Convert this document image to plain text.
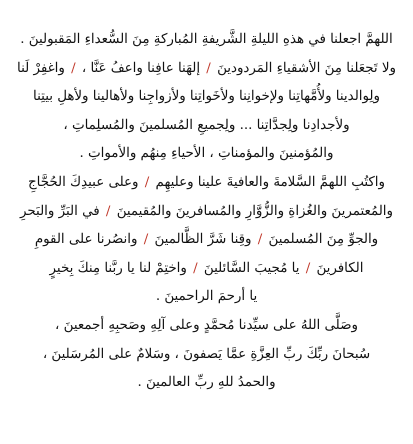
اللهمَّ اجعلنا في هذهِ الليلةِ الشَّريفةِ المُباركةِ مِنَ السُّعداءِ المَقبولينَ .
ولا تَجعَلنا مِنَ الأشقياءِ المَردودينَ / إلهَنا عافِنا واعفُ عَنَّا ، / واغفِرْ لَنا
ولِوالدينا ولأُمَّهاتِنا ولإخوانِنا ولأخَواتِنا ولأزواجِنا ولأهالينا ولأهلِ بيتِنا
ولأجدادِنا ولِجدَّاتِنا ... ولِجميعِ المُسلمينَ والمُسلِماتِ ،
والمُؤمنينَ والمؤمناتِ ، الأحياءِ مِنهُم والأمواتِ .
واكتُبِ اللهمَّ السَّلامةَ والعافيةَ علينا وعليهِم / وعلى عبيدِكَ الحُجَّاجِ
والمُعتمرينَ والغُزاةِ والزُّوَّارِ والمُسافرينَ والمُقيمينَ / في البَرِّ والبَحرِ
والجوِّ مِنَ المُسلمينَ / وقِنا شَرَّ الظَّالمينَ / وانصُرنا على القومِ
الكافرينَ / يا مُجيبَ السَّائلينَ / واختِمْ لنا يا ربَّنا مِنكَ بِخيرٍ
يا أرحمَ الراحمينَ .
وصَلَّى اللهُ على سيِّدنا مُحمَّدٍ وعلى آلِهِ وصَحبِهِ أجمعينَ ،
سُبحانَ ربِّكَ ربِّ العِزَّةِ عمَّا يَصفونَ ، وسَلامٌ على المُرسَلينَ ،
والحمدُ للهِ ربِّ العالمينَ .
